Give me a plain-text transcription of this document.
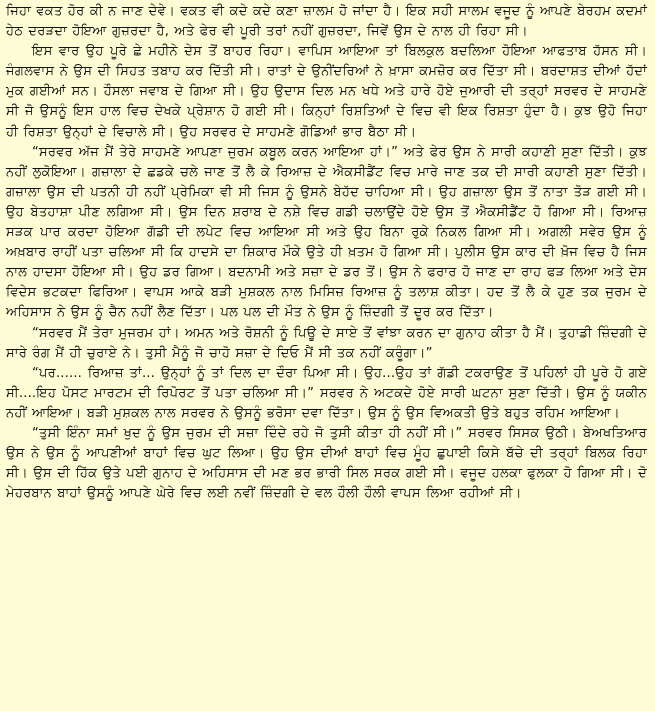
ਜਿਹਾ ਵਕਤ ਹੋਰ ਕੀ ਨ ਜਾਣ ਦੇਵੇ। ਵਕਤ ਵੀ ਕਦੇ ਕਦੇ ਕਣਾ ਜ਼ਾਲਮ ਹੋ ਜਾਂਦਾ ਹੈ। ਇਕ ਸਹੀ ਸਾਲਮ ਵਜੂਦ ਨੂੰ ਆਪਣੇ ਬੇਰਹਮ ਕਦਮਾਂ ਹੇਠ ਦਰੜਦਾ ਹੋਇਆ ਗੁਜ਼ਰਦਾ ਹੈ, ਅਤੇ ਫੇਰ ਵੀ ਪੂਰੀ ਤਰਾਂ ਨਹੀਂ ਗੁਜ਼ਰਦਾ, ਜਿਵੇਂ ਉਸ ਦੇ ਨਾਲ ਹੀ ਰਿਹਾ ਸੀ।

ਇਸ ਵਾਰ ਉਹ ਪੂਰੇ ਛੇ ਮਹੀਨੇ ਦੇਸ ਤੋਂ ਬਾਹਰ ਰਿਹਾ। ਵਾਪਿਸ ਆਇਆ ਤਾਂ ਬਿਲਕੁਲ ਬਦਲਿਆ ਹੋਇਆ ਆਫਤਾਬ ਹੱਸਨ ਸੀ। ਜੰਗਲਵਾਸ ਨੇ ਉਸ ਦੀ ਸਿਹਤ ਤਬਾਹ ਕਰ ਦਿੱਤੀ ਸੀ। ਰਾਤਾਂ ਦੇ ਉਨੀਂਦਰਿਆਂ ਨੇ ਖ਼ਾਸਾ ਕਮਜ਼ੋਰ ਕਰ ਦਿੱਤਾ ਸੀ। ਬਰਦਾਸ਼ਤ ਦੀਆਂ ਹੱਦਾਂ ਮੁਕ ਗਈਆਂ ਸਨ। ਹੌਸਲਾ ਜਵਾਬ ਦੇ ਗਿਆ ਸੀ। ਉਹ ਉਦਾਸ ਦਿਲ ਮਨ ਖਧੇ ਅਤੇ ਹਾਰੇ ਹੋਏ ਜੁਆਰੀ ਦੀ ਤਰ੍ਹਾਂ ਸਰਵਰ ਦੇ ਸਾਹਮਣੇ ਸੀ ਜੋ ਉਸਨੂੰ ਇਸ ਹਾਲ ਵਿਚ ਦੇਖਕੇ ਪ੍ਰੇਸ਼ਾਨ ਹੋ ਗਈ ਸੀ। ਕਿਨ੍ਹਾਂ ਰਿਸ਼ਤਿਆਂ ਦੇ ਵਿਚ ਵੀ ਇਕ ਰਿਸ਼ਤਾ ਹੁੰਦਾ ਹੈ। ਕੁਝ ਉਹੋ ਜਿਹਾ ਹੀ ਰਿਸ਼ਤਾ ਉਨ੍ਹਾਂ ਦੇ ਵਿਚਾਲੇ ਸੀ। ਉਹ ਸਰਵਰ ਦੇ ਸਾਹਮਣੇ ਗੋਡਿਆਂ ਭਾਰ ਬੈਠਾ ਸੀ।

“ਸਰਵਰ ਅੱਜ ਮੈਂ ਤੇਰੇ ਸਾਹਮਣੇ ਆਪਣਾ ਜੁਰਮ ਕਬੂਲ ਕਰਨ ਆਇਆ ਹਾਂ।” ਅਤੇ ਫੇਰ ਉਸ ਨੇ ਸਾਰੀ ਕਹਾਣੀ ਸੁਣਾ ਦਿੱਤੀ। ਕੁਝ ਨਹੀਂ ਲੁਕੋਇਆ। ਗਜ਼ਾਲਾ ਦੇ ਛਡਕੇ ਚਲੇ ਜਾਣ ਤੋਂ ਲੈ ਕੇ ਰਿਆਜ਼ ਦੇ ਐਕਸੀਡੈਂਟ ਵਿਚ ਮਾਰੇ ਜਾਣ ਤਕ ਦੀ ਸਾਰੀ ਕਹਾਣੀ ਸੁਣਾ ਦਿੱਤੀ। ਗਜ਼ਾਲਾ ਉਸ ਦੀ ਪਤਨੀ ਹੀ ਨਹੀਂ ਪ੍ਰੇਮਿਕਾ ਵੀ ਸੀ ਜਿਸ ਨੂੰ ਉਸਨੇ ਬੇਹੱਦ ਚਾਹਿਆ ਸੀ। ਉਹ ਗਜ਼ਾਲਾ ਉਸ ਤੋਂ ਨਾਤਾ ਤੋੜ ਗਈ ਸੀ। ਉਹ ਬੇਤਹਾਸ਼ਾ ਪੀਣ ਲਗਿਆ ਸੀ। ਉਸ ਦਿਨ ਸ਼ਰਾਬ ਦੇ ਨਸ਼ੇ ਵਿਚ ਗਡੀ ਚਲਾਉਂਦੇ ਹੋਏ ਉਸ ਤੋਂ ਐਕਸੀਡੈਂਟ ਹੋ ਗਿਆ ਸੀ। ਰਿਆਜ਼ ਸੜਕ ਪਾਰ ਕਰਦਾ ਹੋਇਆ ਗੱਡੀ ਦੀ ਲਪੇਟ ਵਿਚ ਆਇਆ ਸੀ ਅਤੇ ਉਹ ਬਿਨਾ ਰੁਕੇ ਨਿਕਲ ਗਿਆ ਸੀ। ਅਗਲੀ ਸਵੇਰ ਉਸ ਨੂੰ ਅਖ਼ਬਾਰ ਰਾਹੀਂ ਪਤਾ ਚਲਿਆ ਸੀ ਕਿ ਹਾਦਸੇ ਦਾ ਸ਼ਿਕਾਰ ਮੌਕੇ ਉਤੇ ਹੀ ਖ਼ਤਮ ਹੋ ਗਿਆ ਸੀ। ਪੁਲੀਸ ਉਸ ਕਾਰ ਦੀ ਖ਼ੋਜ ਵਿਚ ਹੈ ਜਿਸ ਨਾਲ ਹਾਦਸਾ ਹੋਇਆ ਸੀ। ਉਹ ਡਰ ਗਿਆ। ਬਦਨਾਮੀ ਅਤੇ ਸਜ਼ਾ ਦੇ ਡਰ ਤੋਂ। ਉਸ ਨੇ ਫਰਾਰ ਹੋ ਜਾਣ ਦਾ ਰਾਹ ਫੜ ਲਿਆ ਅਤੇ ਦੇਸ ਵਿਦੇਸ ਭਟਕਦਾ ਫਿਰਿਆ। ਵਾਪਸ ਆਕੇ ਬੜੀ ਮੁਸ਼ਕਲ ਨਾਲ ਮਿਸਿਜ਼ ਰਿਆਜ਼ ਨੂੰ ਤਲਾਸ਼ ਕੀਤਾ। ਹਦ ਤੋਂ ਲੈ ਕੇ ਹੁਣ ਤਕ ਜੁਰਮ ਦੇ ਅਹਿਸਾਸ ਨੇ ਉਸ ਨੂੰ ਚੈਨ ਨਹੀਂ ਲੈਣ ਦਿੱਤਾ। ਪਲ ਪਲ ਦੀ ਮੌਤ ਨੇ ਉਸ ਨੂੰ ਜ਼ਿੰਦਗੀ ਤੋਂ ਦੂਰ ਕਰ ਦਿੱਤਾ।

“ਸਰਵਰ ਮੈਂ ਤੇਰਾ ਮੁਜਰਮ ਹਾਂ। ਅਮਨ ਅਤੇ ਰੋਸ਼ਨੀ ਨੂੰ ਪਿਊ ਦੇ ਸਾਏ ਤੋਂ ਵਾਂਝਾ ਕਰਨ ਦਾ ਗੁਨਾਹ ਕੀਤਾ ਹੈ ਮੈਂ। ਤੁਹਾਡੀ ਜ਼ਿੰਦਗੀ ਦੇ ਸਾਰੇ ਰੰਗ ਮੈਂ ਹੀ ਚੁਰਾਏ ਨੇ। ਤੁਸੀ ਮੈਨੂੰ ਜੋ ਚਾਹੋ ਸਜ਼ਾ ਦੇ ਦਿਓ ਮੈਂ ਸੀ ਤਕ ਨਹੀਂ ਕਰੂੰਗਾ।”

“ਪਰ...... ਰਿਆਜ਼ ਤਾਂ... ਉਨ੍ਹਾਂ ਨੂੰ ਤਾਂ ਦਿਲ ਦਾ ਦੌਰਾ ਪਿਆ ਸੀ। ਉਹ...ਉਹ ਤਾਂ ਗੱਡੀ ਟਕਰਾਉਣ ਤੋਂ ਪਹਿਲਾਂ ਹੀ ਪੂਰੇ ਹੋ ਗਏ ਸੀ....ਇਹ ਪੋਸਟ ਮਾਰਟਮ ਦੀ ਰਿਪੋਰਟ ਤੋਂ ਪਤਾ ਚਲਿਆ ਸੀ।” ਸਰਵਰ ਨੇ ਅਟਕਦੇ ਹੋਏ ਸਾਰੀ ਘਟਨਾ ਸੁਣਾ ਦਿੱਤੀ। ਉਸ ਨੂੰ ਯਕੀਨ ਨਹੀਂ ਆਇਆ। ਬੜੀ ਮੁਸ਼ਕਲ ਨਾਲ ਸਰਵਰ ਨੇ ਉਸਨੂੰ ਭਰੋਸਾ ਦਵਾ ਦਿੱਤਾ। ਉਸ ਨੂੰ ਉਸ ਵਿਅਕਤੀ ਉਤੇ ਬਹੁਤ ਰਹਿਮ ਆਇਆ।

“ਤੁਸੀ ਇੰਨਾ ਸਮਾਂ ਖੁਦ ਨੂੰ ਉਸ ਜੁਰਮ ਦੀ ਸਜ਼ਾ ਦਿੰਦੇ ਰਹੇ ਜੋ ਤੁਸੀ ਕੀਤਾ ਹੀ ਨਹੀਂ ਸੀ।” ਸਰਵਰ ਸਿਸਕ ਉਠੀ। ਬੇਅਖਤਿਆਰ ਉਸ ਨੇ ਉਸ ਨੂੰ ਆਪਣੀਆਂ ਬਾਹਾਂ ਵਿਚ ਘੁਟ ਲਿਆ। ਉਹ ਉਸ ਦੀਆਂ ਬਾਹਾਂ ਵਿਚ ਮੂੰਹ ਛੁਪਾਈ ਕਿਸੇ ਬੱਚੇ ਦੀ ਤਰ੍ਹਾਂ ਬਿਲਕ ਰਿਹਾ ਸੀ। ਉਸ ਦੀ ਹਿੱਕ ਉਤੇ ਪਈ ਗੁਨਾਹ ਦੇ ਅਹਿਸਾਸ ਦੀ ਮਣ ਭਰ ਭਾਰੀ ਸਿਲ ਸਰਕ ਗਈ ਸੀ। ਵਜੂਦ ਹਲਕਾ ਫੁਲਕਾ ਹੋ ਗਿਆ ਸੀ। ਦੋ ਮੇਹਰਬਾਨ ਬਾਹਾਂ ਉਸਨੂੰ ਆਪਣੇ ਘੇਰੇ ਵਿਚ ਲਈ ਨਵੀਂ ਜ਼ਿੰਦਗੀ ਦੇ ਵਲ ਹੌਲੀ ਹੌਲੀ ਵਾਪਸ ਲਿਆ ਰਹੀਆਂ ਸੀ।
